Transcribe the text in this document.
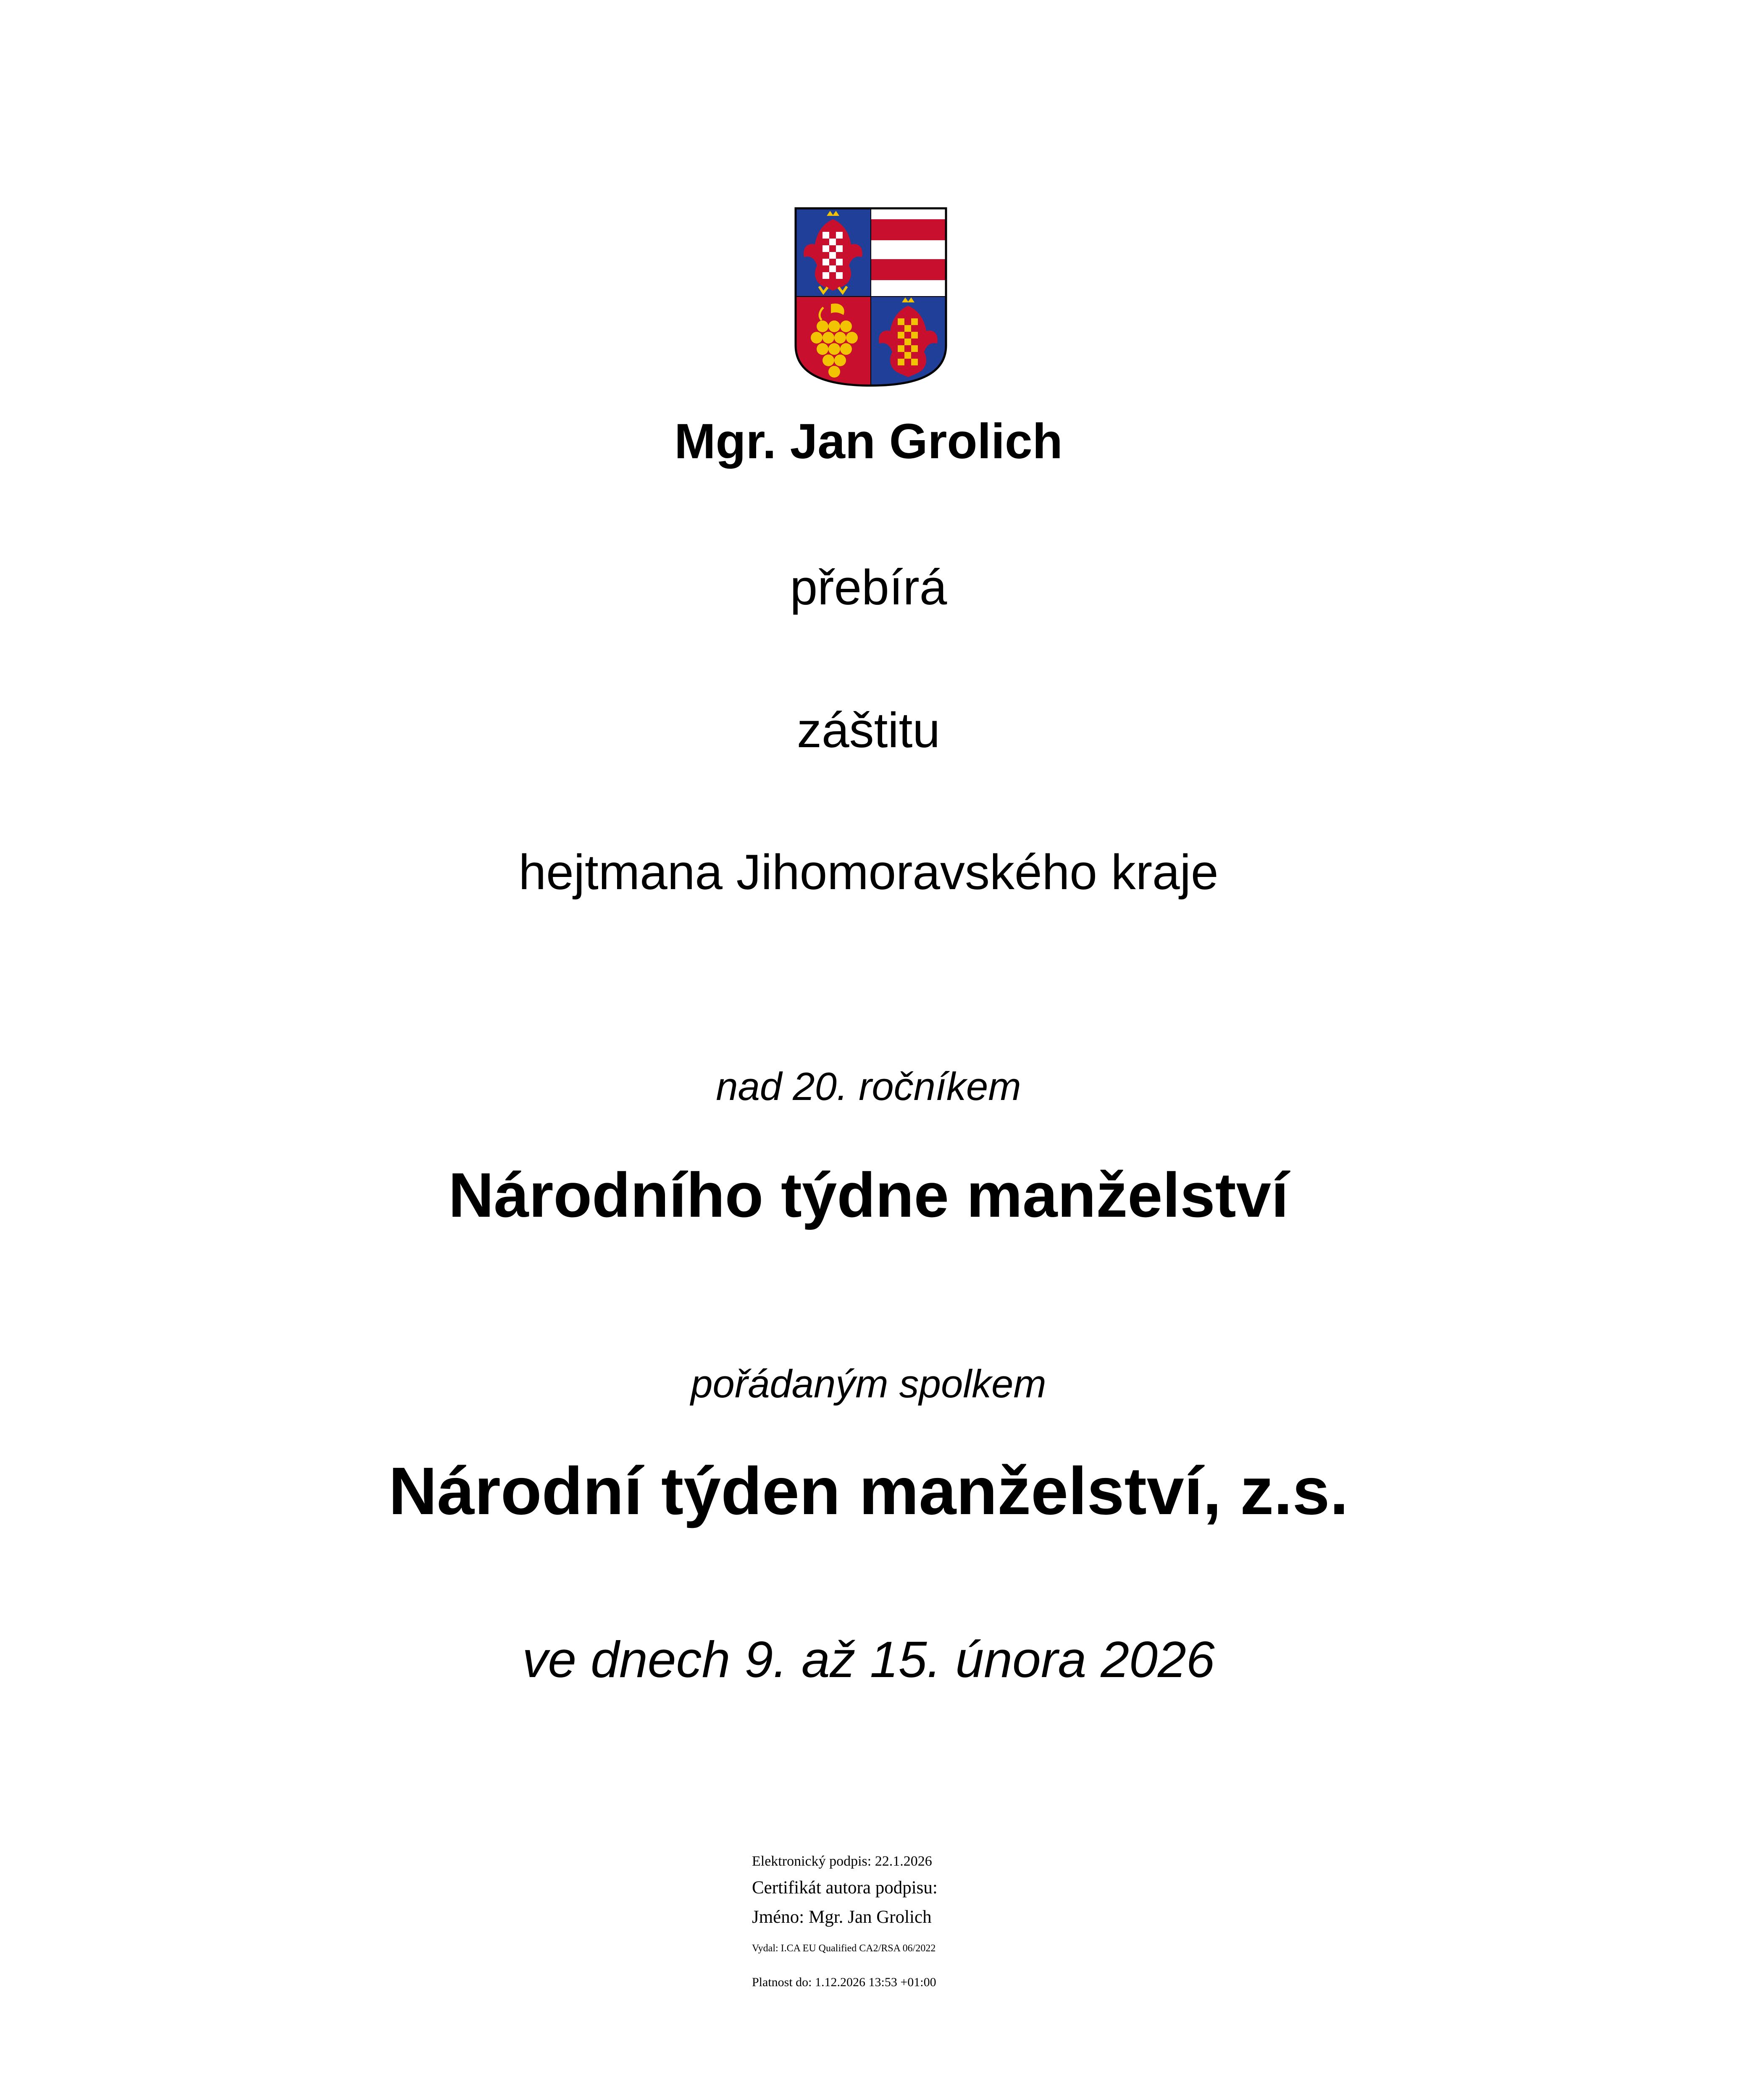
Mgr. Jan Grolich
přebírá
záštitu
hejtmana Jihomoravského kraje
nad 20. ročníkem
Národního týdne manželství
pořádaným spolkem
Národní týden manželství, z.s.
ve dnech 9. až 15. února 2026
Elektronický podpis: 22.1.2026
Certifikát autora podpisu:
Jméno: Mgr. Jan Grolich
Vydal: I.CA EU Qualified CA2/RSA 06/2022
Platnost do: 1.12.2026 13:53 +01:00
